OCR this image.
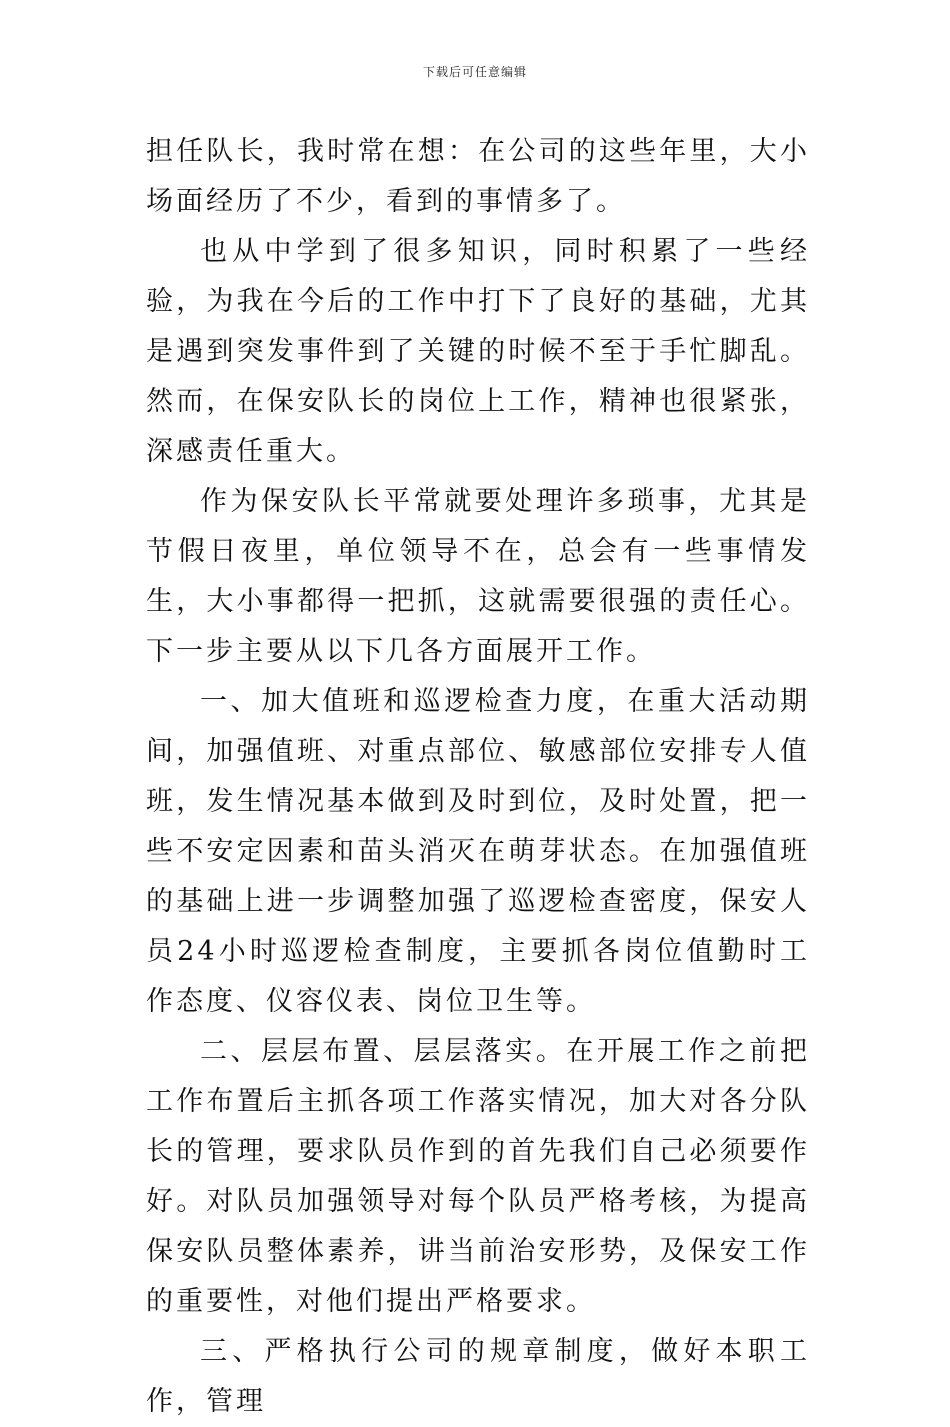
下载后可任意编辑

担任队长，我时常在想：在公司的这些年里，大小场面经历了不少，看到的事情多了。

也从中学到了很多知识，同时积累了一些经验，为我在今后的工作中打下了良好的基础，尤其是遇到突发事件到了关键的时候不至于手忙脚乱。然而，在保安队长的岗位上工作，精神也很紧张，深感责任重大。

作为保安队长平常就要处理许多琐事，尤其是节假日夜里，单位领导不在，总会有一些事情发生，大小事都得一把抓，这就需要很强的责任心。下一步主要从以下几各方面展开工作。

一、加大值班和巡逻检查力度，在重大活动期间，加强值班、对重点部位、敏感部位安排专人值班，发生情况基本做到及时到位，及时处置，把一些不安定因素和苗头消灭在萌芽状态。在加强值班的基础上进一步调整加强了巡逻检查密度，保安人员24小时巡逻检查制度，主要抓各岗位值勤时工作态度、仪容仪表、岗位卫生等。

二、层层布置、层层落实。在开展工作之前把工作布置后主抓各项工作落实情况，加大对各分队长的管理，要求队员作到的首先我们自己必须要作好。对队员加强领导对每个队员严格考核，为提高保安队员整体素养，讲当前治安形势，及保安工作的重要性，对他们提出严格要求。

三、严格执行公司的规章制度，做好本职工作，管理
